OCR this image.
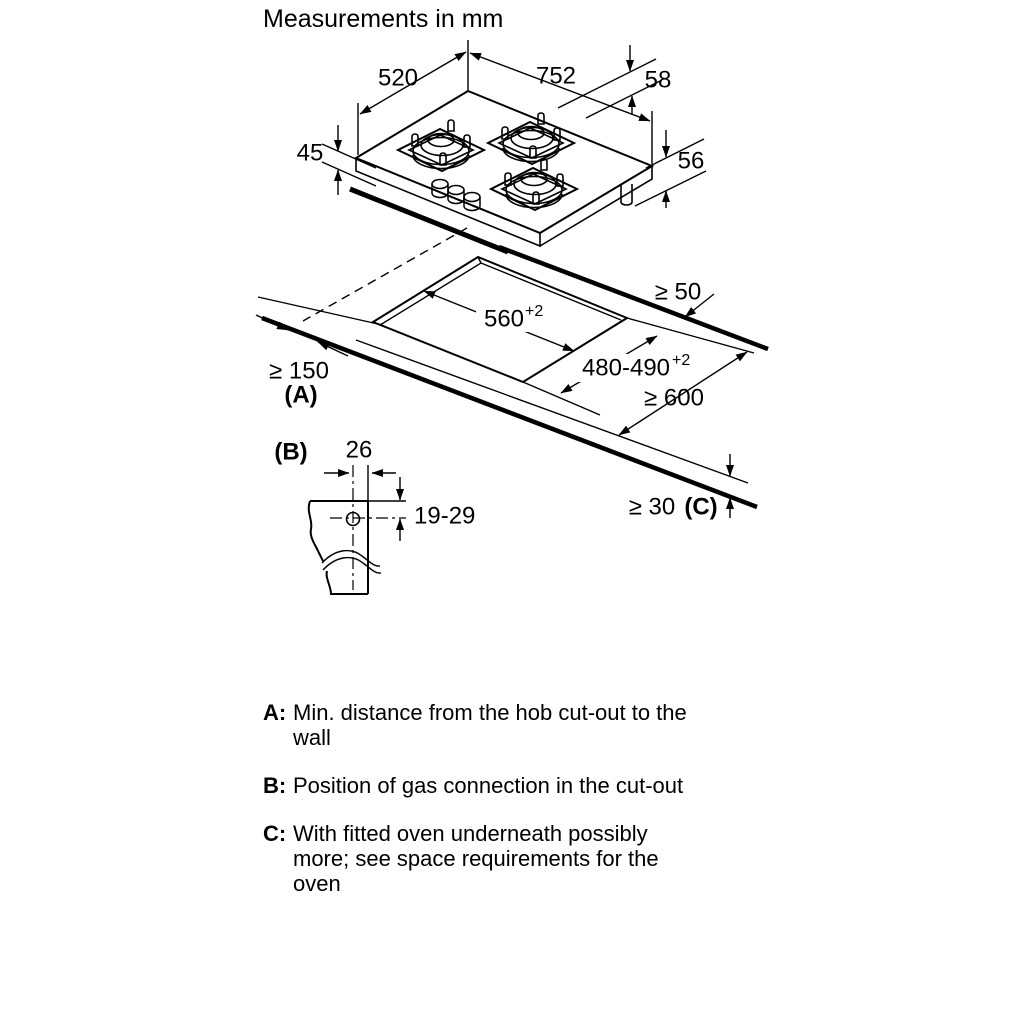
Measurements in mm
520	752	58
45	56
560 +2
480-490 +2
≥ 50
≥ 150
(A)	≥ 600
≥ 30 (C)
(B) 26
19-29
A: Min. distance from the hob cut-out to the
wall
B: Position of gas connection in the cut-out
C: With fitted oven underneath possibly
more; see space requirements for the
oven
